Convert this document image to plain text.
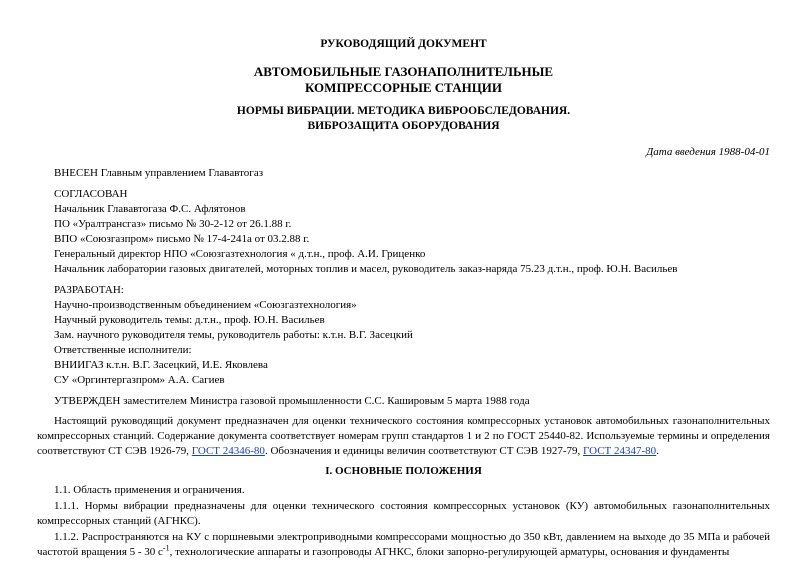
РУКОВОДЯЩИЙ ДОКУМЕНТ
АВТОМОБИЛЬНЫЕ ГАЗОНАПОЛНИТЕЛЬНЫЕ
КОМПРЕССОРНЫЕ СТАНЦИИ
НОРМЫ ВИБРАЦИИ. МЕТОДИКА ВИБРООБСЛЕДОВАНИЯ.
ВИБРОЗАЩИТА ОБОРУДОВАНИЯ
Дата введения 1988-04-01
ВНЕСЕН Главным управлением Глававтогаз
СОГЛАСОВАН
Начальник Глававтогаза Ф.С. Афлятонов
ПО «Уралтрансгаз» письмо № 30-2-12 от 26.1.88 г.
ВПО «Союзгазпром» письмо № 17-4-241а от 03.2.88 г.
Генеральный директор НПО «Союзгазтехнология « д.т.н., проф. А.И. Гриценко
Начальник лаборатории газовых двигателей, моторных топлив и масел, руководитель заказ-наряда 75.23 д.т.н., проф. Ю.Н. Васильев
РАЗРАБОТАН:
Научно-производственным объединением «Союзгазтехнология»
Научный руководитель темы: д.т.н., проф. Ю.Н. Васильев
Зам. научного руководителя темы, руководитель работы: к.т.н. В.Г. Засецкий
Ответственные исполнители:
ВНИИГАЗ к.т.н. В.Г. Засецкий, И.Е. Яковлева
СУ «Оргинтергазпром» А.А. Сагиев
УТВЕРЖДЕН заместителем Министра газовой промышленности С.С. Кашировым 5 марта 1988 года

Настоящий руководящий документ предназначен для оценки технического состояния компрессорных установок автомобильных газонаполнительных компрессорных станций. Содержание документа соответствует номерам групп стандартов 1 и 2 по ГОСТ 25440-82. Используемые термины и определения соответствуют СТ СЭВ 1926-79, ГОСТ 24346-80. Обозначения и единицы величин соответствуют СТ СЭВ 1927-79, ГОСТ 24347-80.

I. ОСНОВНЫЕ ПОЛОЖЕНИЯ

1.1. Область применения и ограничения.

1.1.1. Нормы вибрации предназначены для оценки технического состояния компрессорных установок (КУ) автомобильных газонаполнительных компрессорных станций (АГНКС).

1.1.2. Распространяются на КУ с поршневыми электроприводными компрессорами мощностью до 350 кВт, давлением на выходе до 35 МПа и рабочей частотой вращения 5 - 30 $с^{-1}$, технологические аппараты и газопроводы АГНКС, блоки запорно-регулирующей арматуры, основания и фундаменты
